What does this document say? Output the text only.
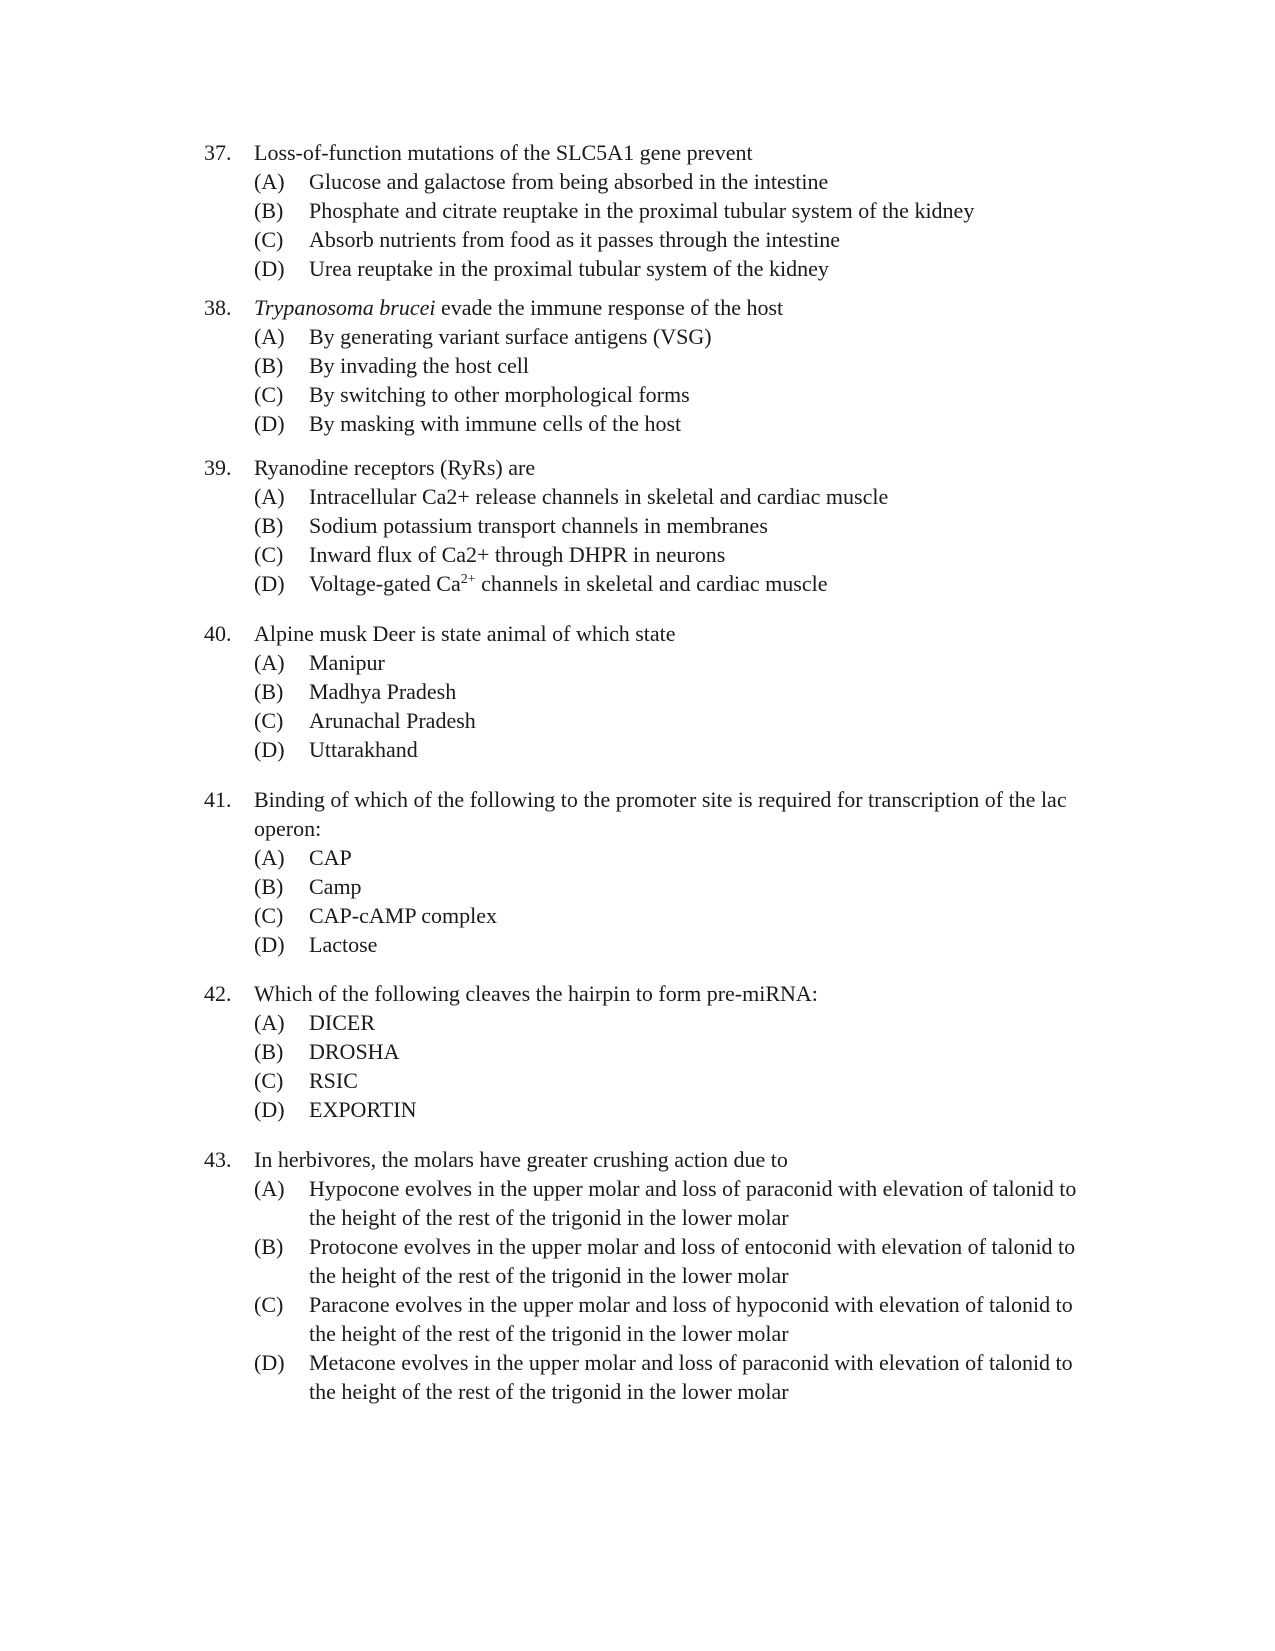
37.	Loss-of-function mutations of the SLC5A1 gene prevent
(A)	Glucose and galactose from being absorbed in the intestine
(B)	Phosphate and citrate reuptake in the proximal tubular system of the kidney
(C)	Absorb nutrients from food as it passes through the intestine
(D)	Urea reuptake in the proximal tubular system of the kidney
38.	Trypanosoma brucei evade the immune response of the host
(A)	By generating variant surface antigens (VSG)
(B)	By invading the host cell
(C)	By switching to other morphological forms
(D)	By masking with immune cells of the host
39.	Ryanodine receptors (RyRs) are
(A)	Intracellular Ca2+ release channels in skeletal and cardiac muscle
(B)	Sodium potassium transport channels in membranes
(C)	Inward flux of Ca2+ through DHPR in neurons
(D)	Voltage-gated $Ca^{2+}$ channels in skeletal and cardiac muscle
40.	Alpine musk Deer is state animal of which state
(A)	Manipur
(B)	Madhya Pradesh
(C)	Arunachal Pradesh
(D)	Uttarakhand
41.	Binding of which of the following to the promoter site is required for transcription of the lac operon:
(A)	CAP
(B)	Camp
(C)	CAP-cAMP complex
(D)	Lactose
42.	Which of the following cleaves the hairpin to form pre-miRNA:
(A)	DICER
(B)	DROSHA
(C)	RSIC
(D)	EXPORTIN
43.	In herbivores, the molars have greater crushing action due to
(A)	Hypocone evolves in the upper molar and loss of paraconid with elevation of talonid to the height of the rest of the trigonid in the lower molar
(B)	Protocone evolves in the upper molar and loss of entoconid with elevation of talonid to the height of the rest of the trigonid in the lower molar
(C)	Paracone evolves in the upper molar and loss of hypoconid with elevation of talonid to the height of the rest of the trigonid in the lower molar
(D)	Metacone evolves in the upper molar and loss of paraconid with elevation of talonid to the height of the rest of the trigonid in the lower molar
